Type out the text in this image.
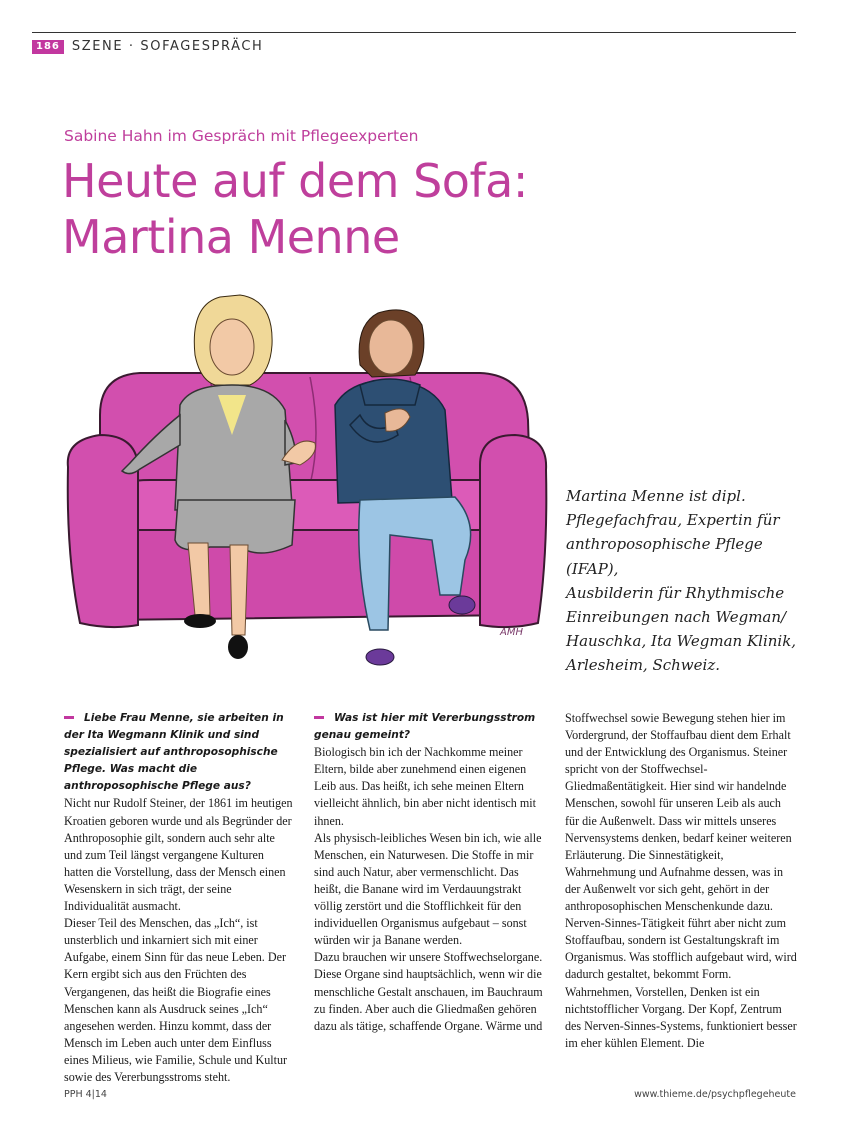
186 SZENE · SOFAGESPRÄCH
Sabine Hahn im Gespräch mit Pflegeexperten
Heute auf dem Sofa:
Martina Menne
AMH
Martina Menne ist dipl.
Pflegefachfrau, Expertin für
anthroposophische Pflege (IFAP),
Ausbilderin für Rhythmische
Einreibungen nach Wegman/
Hauschka, Ita Wegman Klinik,
Arlesheim, Schweiz.

Liebe Frau Menne, sie arbeiten in der Ita Wegmann Klinik und sind spezialisiert auf anthroposophische Pflege. Was macht die anthroposophische Pflege aus?

Nicht nur Rudolf Steiner, der 1861 im heutigen Kroatien geboren wurde und als Begründer der Anthroposophie gilt, sondern auch sehr alte und zum Teil längst vergangene Kulturen hatten die Vorstellung, dass der Mensch einen Wesenskern in sich trägt, der seine Individualität ausmacht.

Dieser Teil des Menschen, das „Ich“, ist unsterblich und inkarniert sich mit einer Aufgabe, einem Sinn für das neue Leben. Der Kern ergibt sich aus den Früchten des Vergangenen, das heißt die Biografie eines Menschen kann als Ausdruck seines „Ich“ angesehen werden. Hinzu kommt, dass der Mensch im Leben auch unter dem Einfluss eines Milieus, wie Familie, Schule und Kultur sowie des Vererbungsstroms steht.

Was ist hier mit Vererbungsstrom genau gemeint?

Biologisch bin ich der Nachkomme meiner Eltern, bilde aber zunehmend einen eigenen Leib aus. Das heißt, ich sehe meinen Eltern vielleicht ähnlich, bin aber nicht identisch mit ihnen.

Als physisch-leibliches Wesen bin ich, wie alle Menschen, ein Naturwesen. Die Stoffe in mir sind auch Natur, aber vermenschlicht. Das heißt, die Banane wird im Verdauungstrakt völlig zerstört und die Stofflichkeit für den individuellen Organismus aufgebaut – sonst würden wir ja Banane werden.

Dazu brauchen wir unsere Stoffwechselorgane. Diese Organe sind hauptsächlich, wenn wir die menschliche Gestalt anschauen, im Bauchraum zu finden. Aber auch die Gliedmaßen gehören dazu als tätige, schaffende Organe. Wärme und

Stoffwechsel sowie Bewegung stehen hier im Vordergrund, der Stoffaufbau dient dem Erhalt und der Entwicklung des Organismus. Steiner spricht von der Stoffwechsel-Gliedmaßentätigkeit. Hier sind wir handelnde Menschen, sowohl für unseren Leib als auch für die Außenwelt. Dass wir mittels unseres Nervensystems denken, bedarf keiner weiteren Erläuterung. Die Sinnestätigkeit, Wahrnehmung und Aufnahme dessen, was in der Außenwelt vor sich geht, gehört in der anthroposophischen Menschenkunde dazu. Nerven-Sinnes-Tätigkeit führt aber nicht zum Stoffaufbau, sondern ist Gestaltungskraft im Organismus. Was stofflich aufgebaut wird, wird dadurch gestaltet, bekommt Form. Wahrnehmen, Vorstellen, Denken ist ein nichtstofflicher Vorgang. Der Kopf, Zentrum des Nerven-Sinnes-Systems, funktioniert besser im eher kühlen Element. Die

PPH 4|14	www.thieme.de/psychpflegeheute
